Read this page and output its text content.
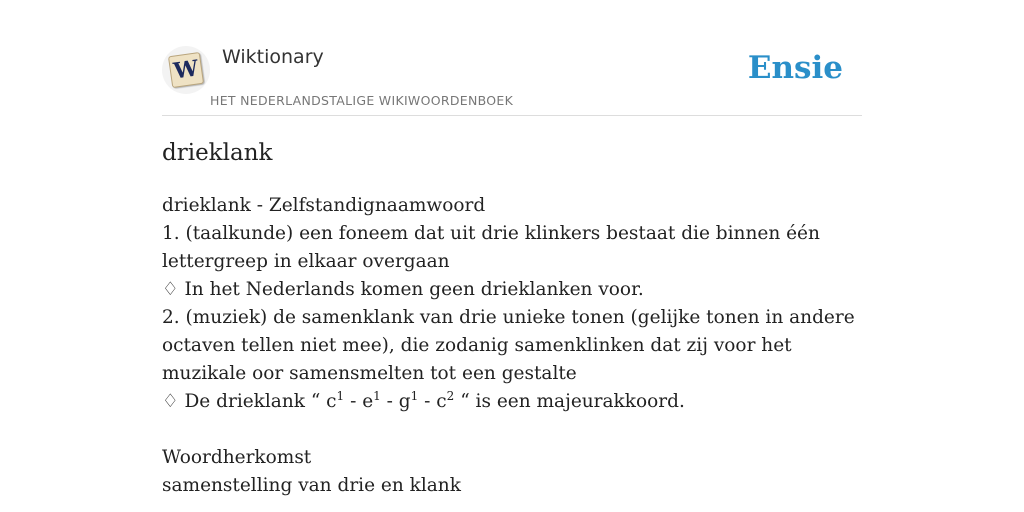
W Wiktionary
HET NEDERLANDSTALIGE WIKIWOORDENBOEK
Ensie
drieklank

drieklank - Zelfstandignaamwoord

1. (taalkunde) een foneem dat uit drie klinkers bestaat die binnen één lettergreep in elkaar overgaan

♢ In het Nederlands komen geen drieklanken voor.

2. (muziek) de samenklank van drie unieke tonen (gelijke tonen in andere octaven tellen niet mee), die zodanig samenklinken dat zij voor het muzikale oor samensmelten tot een gestalte

♢ De drieklank “ $c^1 - e^1 - g^1 - c^2$ “ is een majeurakkoord.

Woordherkomst

samenstelling van drie en klank
